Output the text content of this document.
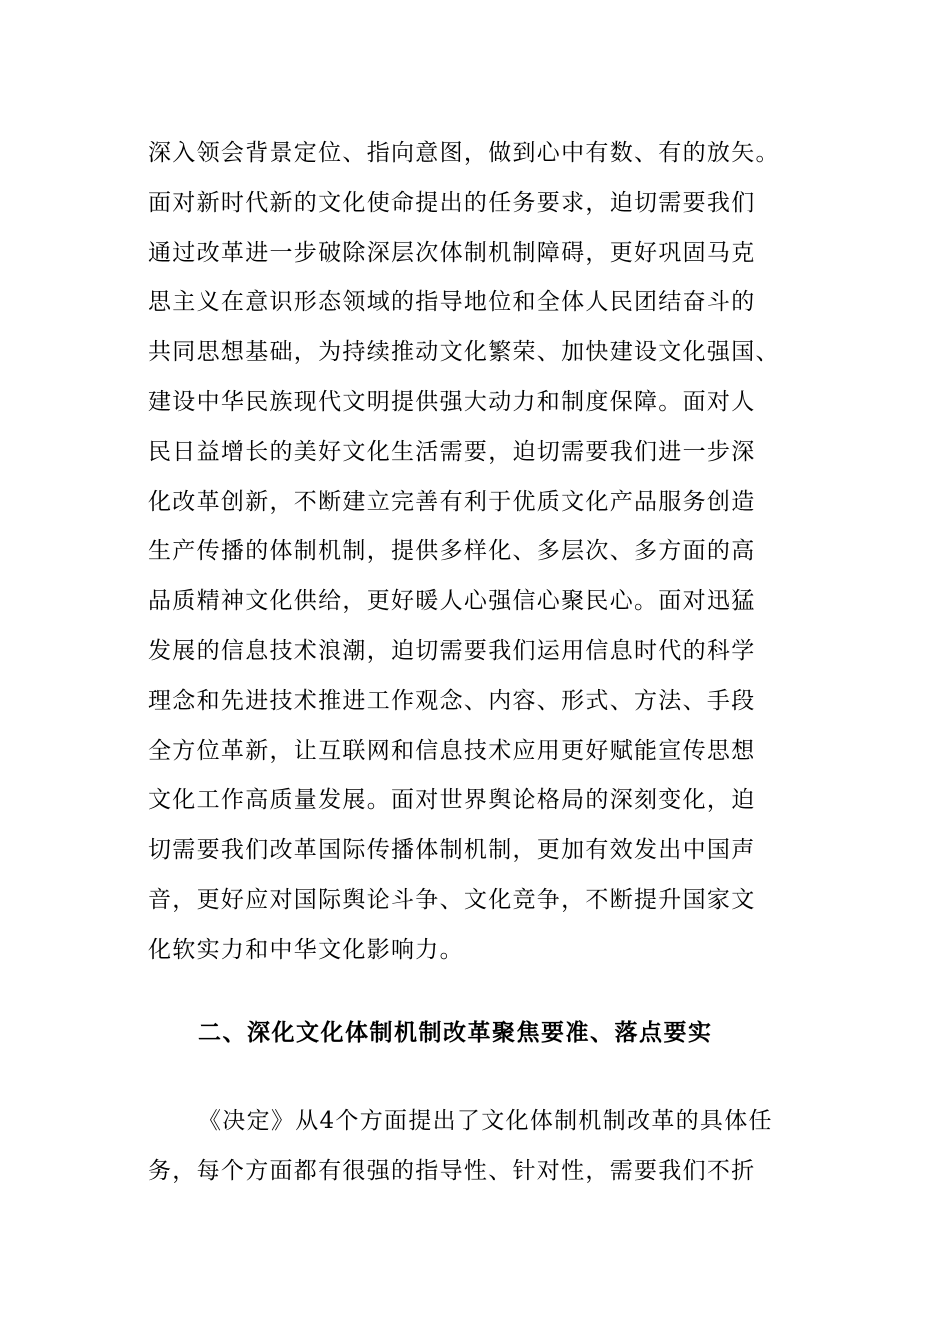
深入领会背景定位、指向意图，做到心中有数、有的放矢。
面对新时代新的文化使命提出的任务要求，迫切需要我们
通过改革进一步破除深层次体制机制障碍，更好巩固马克
思主义在意识形态领域的指导地位和全体人民团结奋斗的
共同思想基础，为持续推动文化繁荣、加快建设文化强国、
建设中华民族现代文明提供强大动力和制度保障。面对人
民日益增长的美好文化生活需要，迫切需要我们进一步深
化改革创新，不断建立完善有利于优质文化产品服务创造
生产传播的体制机制，提供多样化、多层次、多方面的高
品质精神文化供给，更好暖人心强信心聚民心。面对迅猛
发展的信息技术浪潮，迫切需要我们运用信息时代的科学
理念和先进技术推进工作观念、内容、形式、方法、手段
全方位革新，让互联网和信息技术应用更好赋能宣传思想
文化工作高质量发展。面对世界舆论格局的深刻变化，迫
切需要我们改革国际传播体制机制，更加有效发出中国声
音，更好应对国际舆论斗争、文化竞争，不断提升国家文
化软实力和中华文化影响力。
二、深化文化体制机制改革聚焦要准、落点要实
《决定》从4个方面提出了文化体制机制改革的具体任
务，每个方面都有很强的指导性、针对性，需要我们不折
